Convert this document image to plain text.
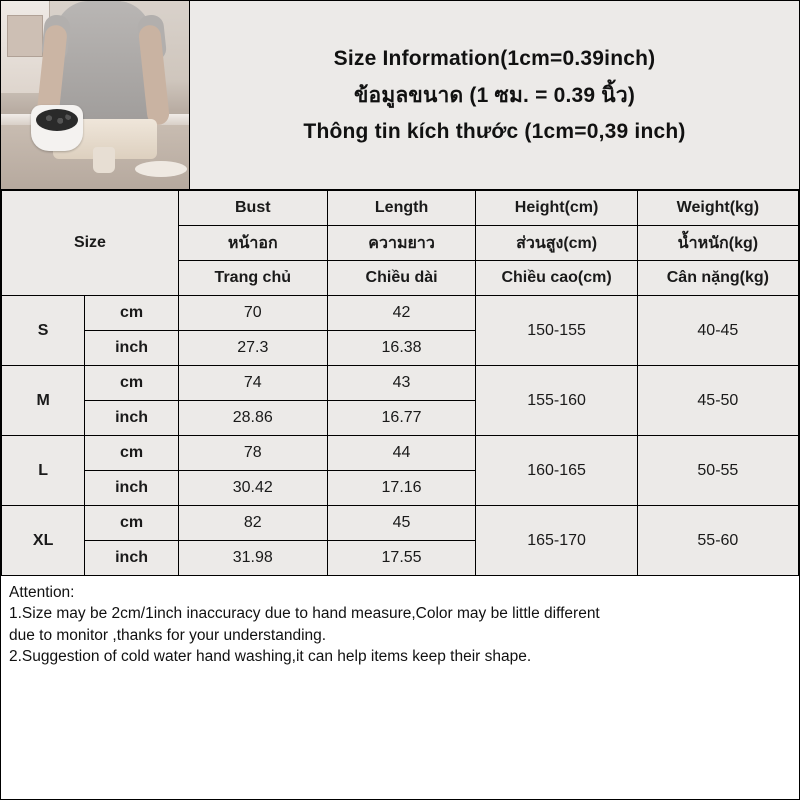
Size Information(1cm=0.39inch)
ข้อมูลขนาด (1 ซม. = 0.39 นิ้ว)
Thông tin kích thước (1cm=0,39 inch)
Size		Bust	Length	Height(cm)	Weight(kg)
		หน้าอก	ความยาว	ส่วนสูง(cm)	น้ำหนัก(kg)
		Trang chủ	Chiều dài	Chiều cao(cm)	Cân nặng(kg)
S	cm	70	42	150-155	40-45
	inch	27.3	16.38		
M	cm	74	43	155-160	45-50
	inch	28.86	16.77		
L	cm	78	44	160-165	50-55
	inch	30.42	17.16		
XL	cm	82	45	165-170	55-60
	inch	31.98	17.55		
Attention:
1.Size may be 2cm/1inch inaccuracy due to hand measure,Color may be little different
due to monitor ,thanks for your understanding.
2.Suggestion of cold water hand washing,it can help items keep their shape.
